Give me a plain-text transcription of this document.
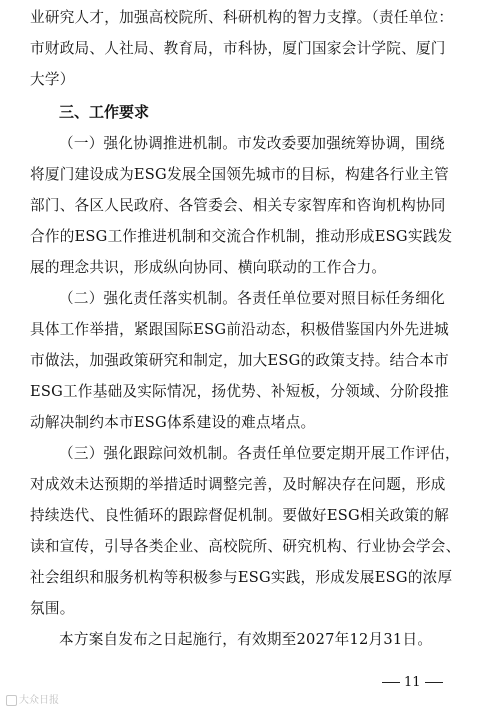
业研究人才，加强高校院所、科研机构的智力支撑。（责任单位：
市财政局、人社局、教育局，市科协，厦门国家会计学院、厦门
大学）
三、工作要求
（一）强化协调推进机制。市发改委要加强统筹协调，围绕
将厦门建设成为ESG发展全国领先城市的目标，构建各行业主管
部门、各区人民政府、各管委会、相关专家智库和咨询机构协同
合作的ESG工作推进机制和交流合作机制，推动形成ESG实践发
展的理念共识，形成纵向协同、横向联动的工作合力。
（二）强化责任落实机制。各责任单位要对照目标任务细化
具体工作举措，紧跟国际ESG前沿动态，积极借鉴国内外先进城
市做法，加强政策研究和制定，加大ESG的政策支持。结合本市
ESG工作基础及实际情况，扬优势、补短板，分领域、分阶段推
动解决制约本市ESG体系建设的难点堵点。
（三）强化跟踪问效机制。各责任单位要定期开展工作评估，
对成效未达预期的举措适时调整完善，及时解决存在问题，形成
持续迭代、良性循环的跟踪督促机制。要做好ESG相关政策的解
读和宣传，引导各类企业、高校院所、研究机构、行业协会学会、
社会组织和服务机构等积极参与ESG实践，形成发展ESG的浓厚
氛围。
本方案自发布之日起施行，有效期至2027年12月31日。
11
大众日报
